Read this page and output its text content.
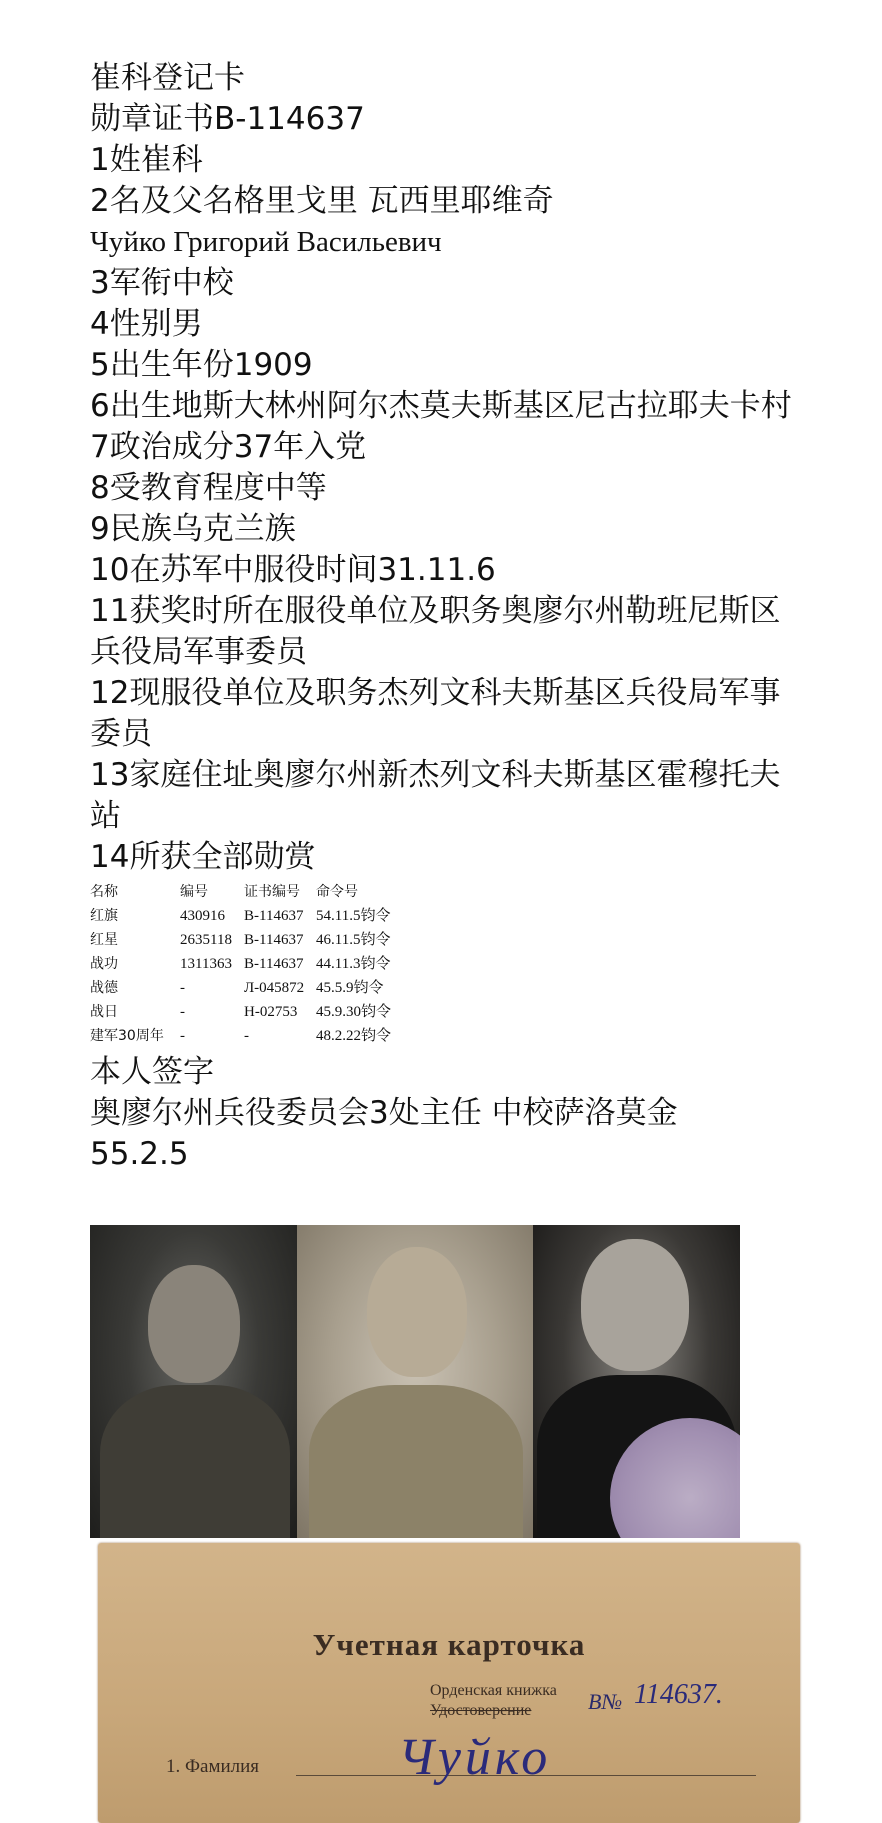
崔科登记卡
勋章证书B-114637
1姓崔科
2名及父名格里戈里 瓦西里耶维奇
Чуйко Григорий Васильевич
3军衔中校
4性别男
5出生年份1909
6出生地斯大林州阿尔杰莫夫斯基区尼古拉耶夫卡村
7政治成分37年入党
8受教育程度中等
9民族乌克兰族
10在苏军中服役时间31.11.6
11获奖时所在服役单位及职务奥廖尔州勒班尼斯区兵役局军事委员
12现服役单位及职务杰列文科夫斯基区兵役局军事委员
13家庭住址奥廖尔州新杰列文科夫斯基区霍穆托夫站
14所获全部勋赏
名称	编号	证书编号	命令号
红旗	430916	B-114637 54.11.5钧令
红星	2635118 B-114637 46.11.5钧令
战功	1311363 B-114637 44.11.3钧令
战德	-	Л-045872 45.5.9钧令
战日	-	H-02753	45.9.30钧令
建军30周年	-	-	48.2.22钧令
本人签字
奥廖尔州兵役委员会3处主任 中校萨洛莫金
55.2.5
Учетная карточка
Орденская книжка
Удостоверение	В№ 114637.
1. Фамилия	Чуйко
